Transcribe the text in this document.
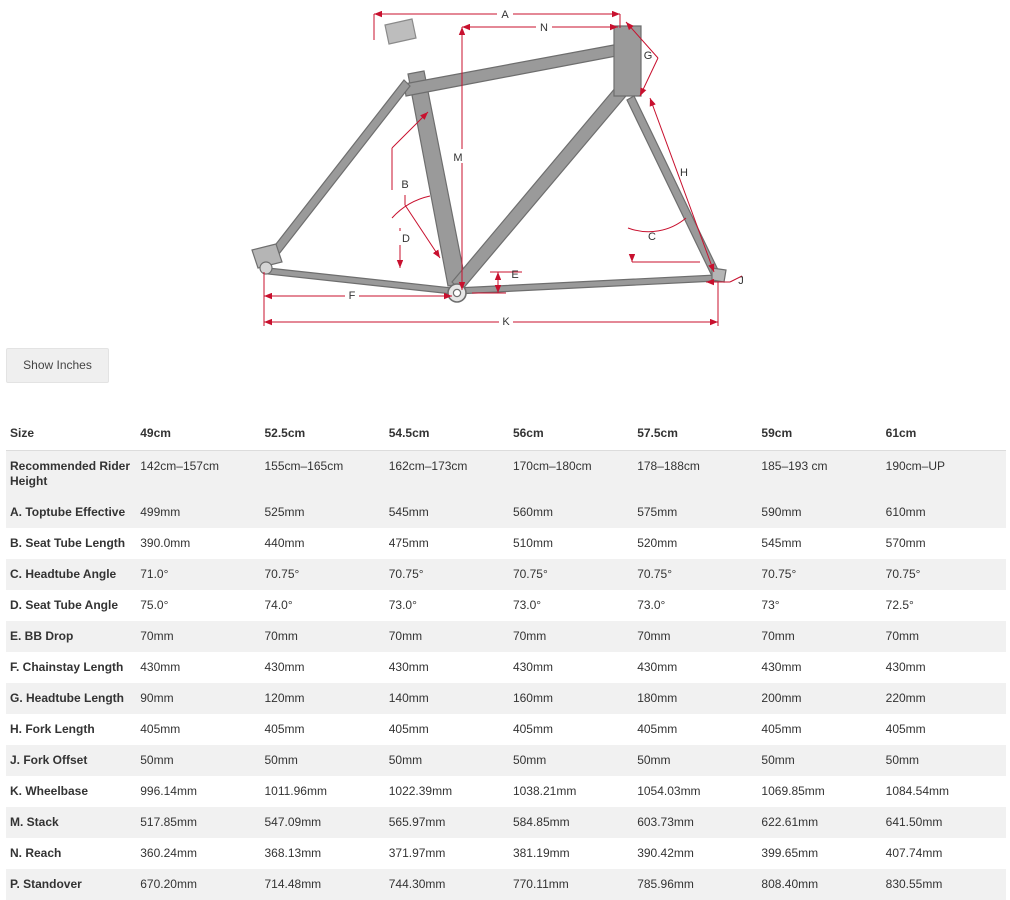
A
N
G
M
B
H
D	C
E	J
F
K
Show Inches
Size	49cm	52.5cm	54.5cm	56cm	57.5cm	59cm	61cm
Recommended Rider Height	142cm–157cm	155cm–165cm	162cm–173cm	170cm–180cm	178–188cm	185–193 cm	190cm–UP
A. Toptube Effective	499mm	525mm	545mm	560mm	575mm	590mm	610mm
B. Seat Tube Length	390.0mm	440mm	475mm	510mm	520mm	545mm	570mm
C. Headtube Angle	71.0°	70.75°	70.75°	70.75°	70.75°	70.75°	70.75°
D. Seat Tube Angle	75.0°	74.0°	73.0°	73.0°	73.0°	73°	72.5°
E. BB Drop	70mm	70mm	70mm	70mm	70mm	70mm	70mm
F. Chainstay Length	430mm	430mm	430mm	430mm	430mm	430mm	430mm
G. Headtube Length	90mm	120mm	140mm	160mm	180mm	200mm	220mm
H. Fork Length	405mm	405mm	405mm	405mm	405mm	405mm	405mm
J. Fork Offset	50mm	50mm	50mm	50mm	50mm	50mm	50mm
K. Wheelbase	996.14mm	1011.96mm	1022.39mm	1038.21mm	1054.03mm	1069.85mm	1084.54mm
M. Stack	517.85mm	547.09mm	565.97mm	584.85mm	603.73mm	622.61mm	641.50mm
N. Reach	360.24mm	368.13mm	371.97mm	381.19mm	390.42mm	399.65mm	407.74mm
P. Standover	670.20mm	714.48mm	744.30mm	770.11mm	785.96mm	808.40mm	830.55mm
